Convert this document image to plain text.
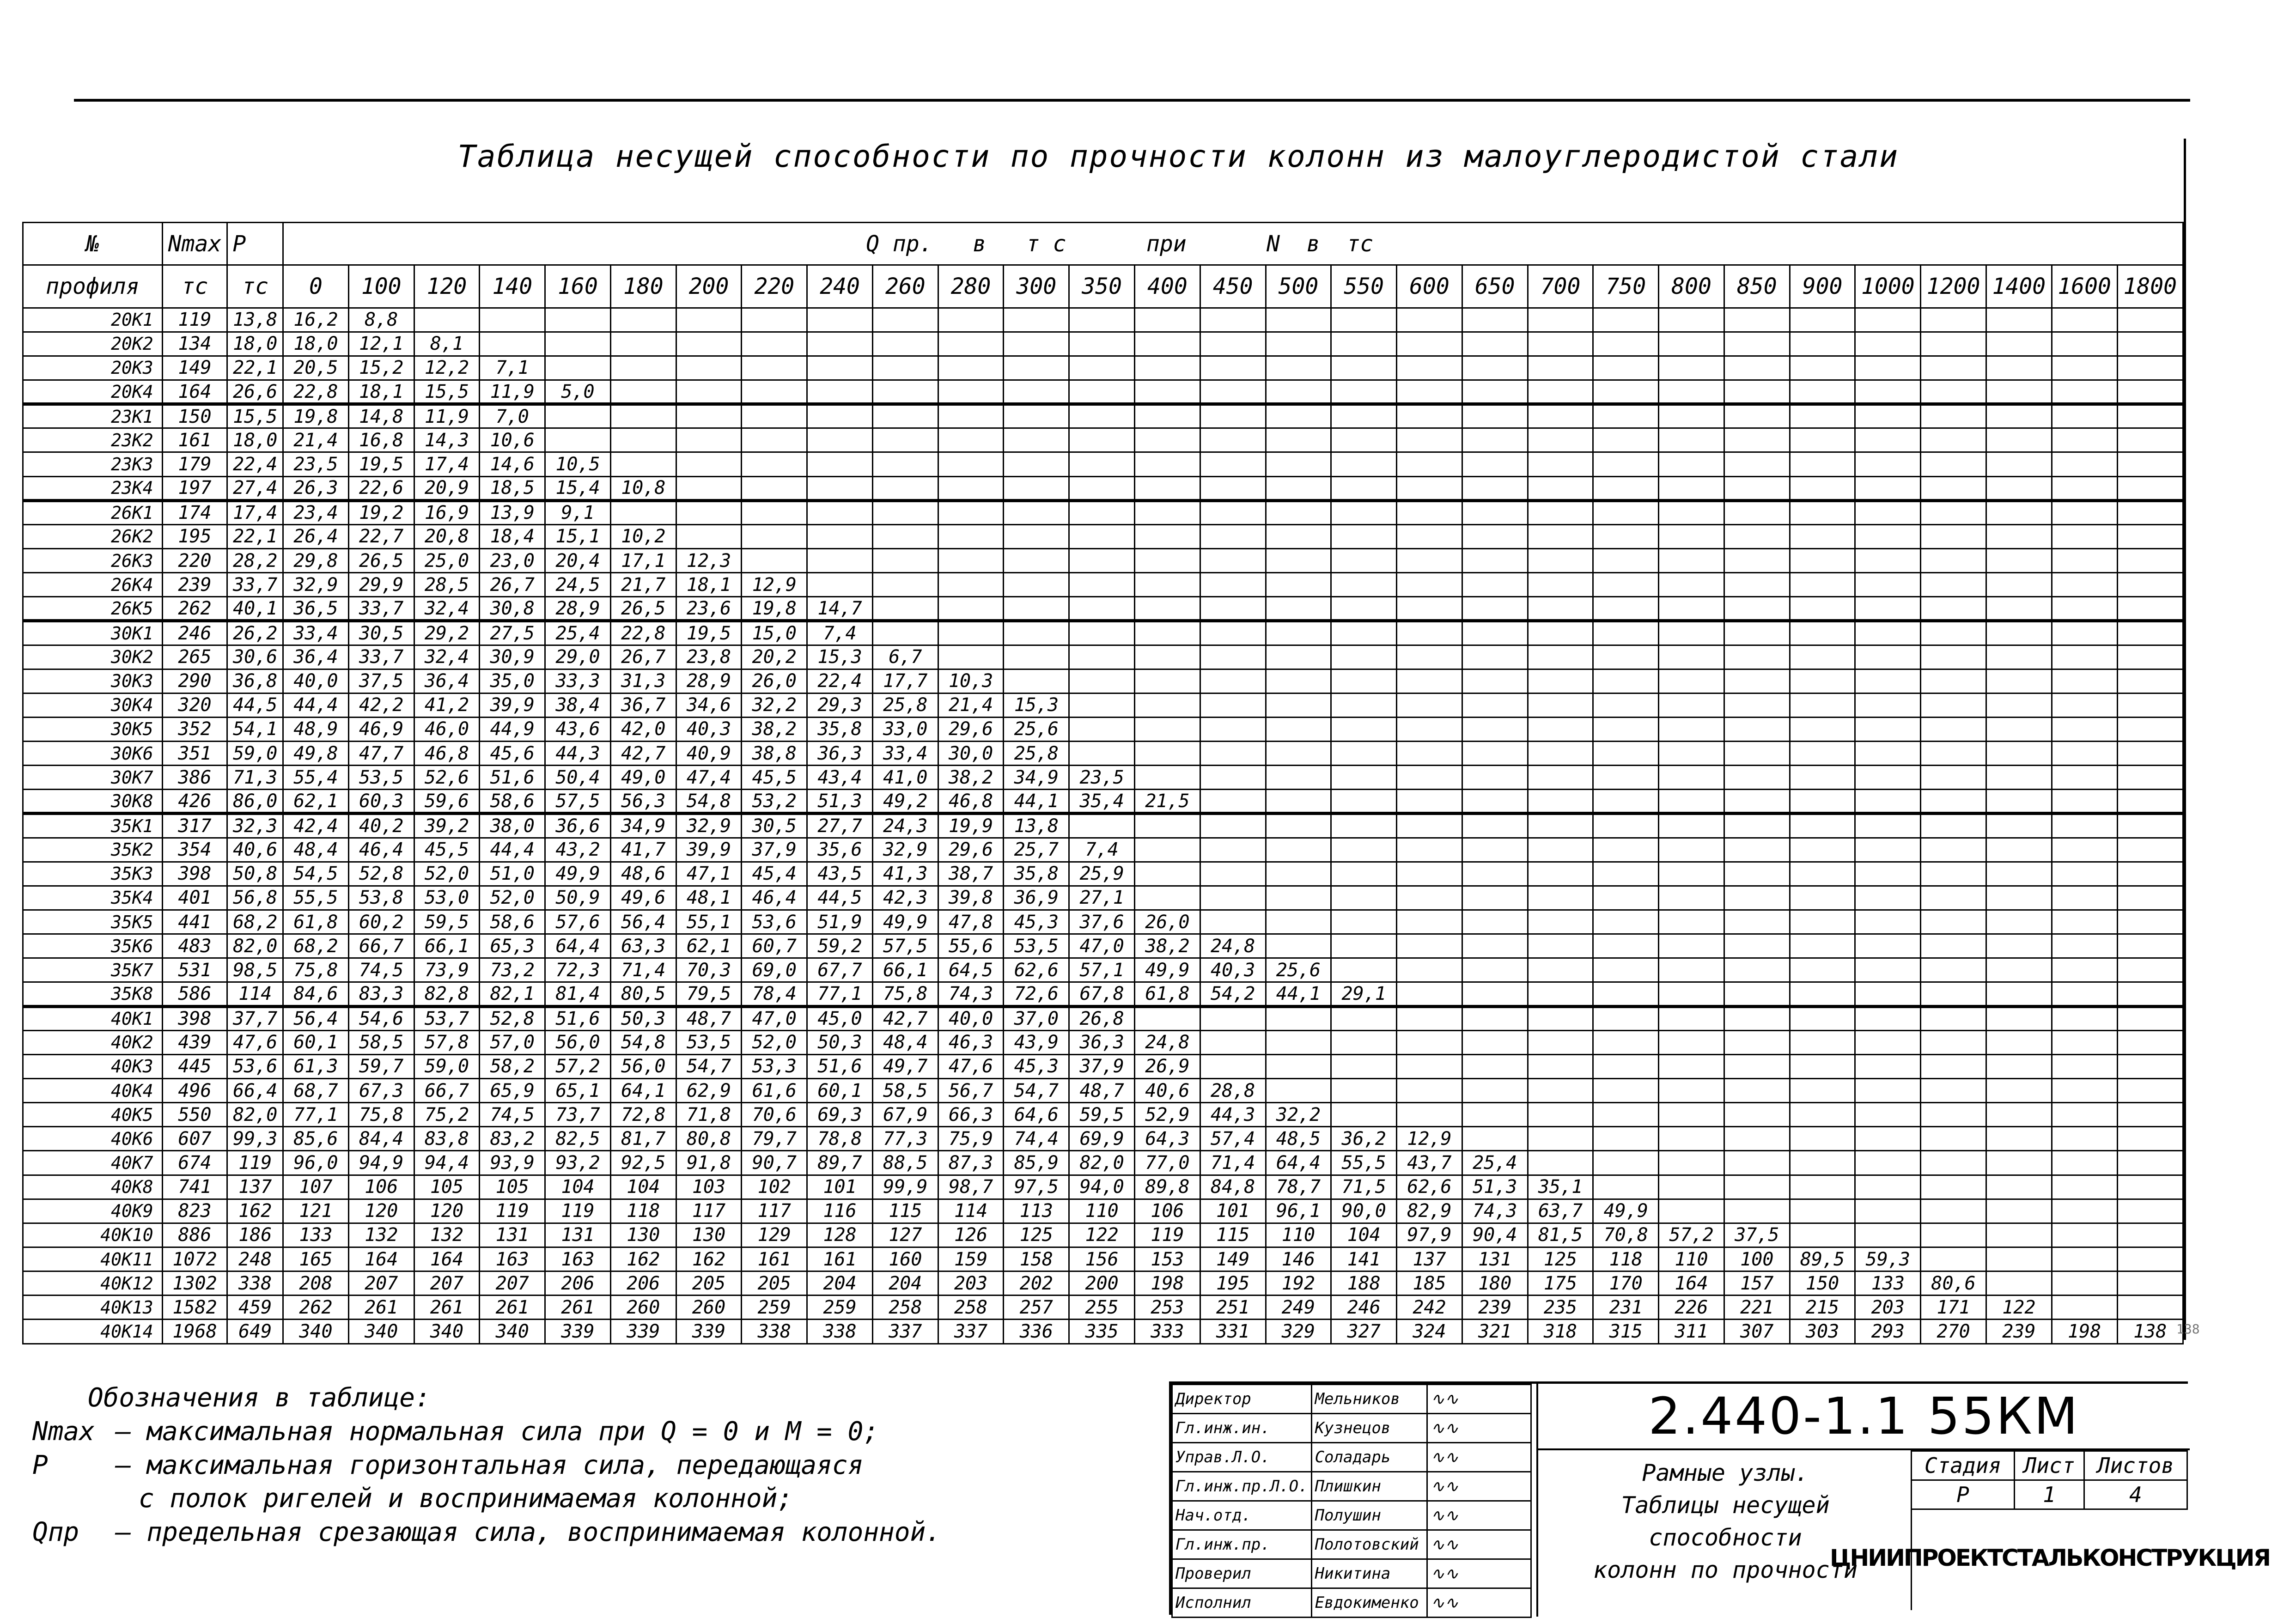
Таблица несущей способности по прочности колонн из малоуглеродистой стали
№	Nmax	P	Q пр.   в   т с      при      N  в  тс																												
профиля	тс	тс	0	100	120	140	160	180	200	220	240	260	280	300	350	400	450	500	550	600	650	700	750	800	850	900	1000	1200	1400	1600	1800
20К1	119	13,8	16,2	8,8																											
20К2	134	18,0	18,0	12,1	8,1																										
20К3	149	22,1	20,5	15,2	12,2	7,1																									
20К4	164	26,6	22,8	18,1	15,5	11,9	5,0																								
23К1	150	15,5	19,8	14,8	11,9	7,0																									
23К2	161	18,0	21,4	16,8	14,3	10,6																									
23К3	179	22,4	23,5	19,5	17,4	14,6	10,5																								
23К4	197	27,4	26,3	22,6	20,9	18,5	15,4	10,8																							
26К1	174	17,4	23,4	19,2	16,9	13,9	9,1																								
26К2	195	22,1	26,4	22,7	20,8	18,4	15,1	10,2																							
26К3	220	28,2	29,8	26,5	25,0	23,0	20,4	17,1	12,3																						
26К4	239	33,7	32,9	29,9	28,5	26,7	24,5	21,7	18,1	12,9																					
26К5	262	40,1	36,5	33,7	32,4	30,8	28,9	26,5	23,6	19,8	14,7																				
30К1	246	26,2	33,4	30,5	29,2	27,5	25,4	22,8	19,5	15,0	7,4																				
30К2	265	30,6	36,4	33,7	32,4	30,9	29,0	26,7	23,8	20,2	15,3	6,7																			
30К3	290	36,8	40,0	37,5	36,4	35,0	33,3	31,3	28,9	26,0	22,4	17,7	10,3																		
30К4	320	44,5	44,4	42,2	41,2	39,9	38,4	36,7	34,6	32,2	29,3	25,8	21,4	15,3																	
30К5	352	54,1	48,9	46,9	46,0	44,9	43,6	42,0	40,3	38,2	35,8	33,0	29,6	25,6																	
30К6	351	59,0	49,8	47,7	46,8	45,6	44,3	42,7	40,9	38,8	36,3	33,4	30,0	25,8																	
30К7	386	71,3	55,4	53,5	52,6	51,6	50,4	49,0	47,4	45,5	43,4	41,0	38,2	34,9	23,5																
30К8	426	86,0	62,1	60,3	59,6	58,6	57,5	56,3	54,8	53,2	51,3	49,2	46,8	44,1	35,4	21,5															
35К1	317	32,3	42,4	40,2	39,2	38,0	36,6	34,9	32,9	30,5	27,7	24,3	19,9	13,8																	
35К2	354	40,6	48,4	46,4	45,5	44,4	43,2	41,7	39,9	37,9	35,6	32,9	29,6	25,7	7,4																
35К3	398	50,8	54,5	52,8	52,0	51,0	49,9	48,6	47,1	45,4	43,5	41,3	38,7	35,8	25,9																
35К4	401	56,8	55,5	53,8	53,0	52,0	50,9	49,6	48,1	46,4	44,5	42,3	39,8	36,9	27,1																
35К5	441	68,2	61,8	60,2	59,5	58,6	57,6	56,4	55,1	53,6	51,9	49,9	47,8	45,3	37,6	26,0															
35К6	483	82,0	68,2	66,7	66,1	65,3	64,4	63,3	62,1	60,7	59,2	57,5	55,6	53,5	47,0	38,2	24,8														
35К7	531	98,5	75,8	74,5	73,9	73,2	72,3	71,4	70,3	69,0	67,7	66,1	64,5	62,6	57,1	49,9	40,3	25,6													
35К8	586	114	84,6	83,3	82,8	82,1	81,4	80,5	79,5	78,4	77,1	75,8	74,3	72,6	67,8	61,8	54,2	44,1	29,1												
40К1	398	37,7	56,4	54,6	53,7	52,8	51,6	50,3	48,7	47,0	45,0	42,7	40,0	37,0	26,8																
40К2	439	47,6	60,1	58,5	57,8	57,0	56,0	54,8	53,5	52,0	50,3	48,4	46,3	43,9	36,3	24,8															
40К3	445	53,6	61,3	59,7	59,0	58,2	57,2	56,0	54,7	53,3	51,6	49,7	47,6	45,3	37,9	26,9															
40К4	496	66,4	68,7	67,3	66,7	65,9	65,1	64,1	62,9	61,6	60,1	58,5	56,7	54,7	48,7	40,6	28,8														
40К5	550	82,0	77,1	75,8	75,2	74,5	73,7	72,8	71,8	70,6	69,3	67,9	66,3	64,6	59,5	52,9	44,3	32,2													
40К6	607	99,3	85,6	84,4	83,8	83,2	82,5	81,7	80,8	79,7	78,8	77,3	75,9	74,4	69,9	64,3	57,4	48,5	36,2	12,9											
40К7	674	119	96,0	94,9	94,4	93,9	93,2	92,5	91,8	90,7	89,7	88,5	87,3	85,9	82,0	77,0	71,4	64,4	55,5	43,7	25,4										
40К8	741	137	107	106	105	105	104	104	103	102	101	99,9	98,7	97,5	94,0	89,8	84,8	78,7	71,5	62,6	51,3	35,1									
40К9	823	162	121	120	120	119	119	118	117	117	116	115	114	113	110	106	101	96,1	90,0	82,9	74,3	63,7	49,9								
40К10	886	186	133	132	132	131	131	130	130	129	128	127	126	125	122	119	115	110	104	97,9	90,4	81,5	70,8	57,2	37,5						
40К11	1072	248	165	164	164	163	163	162	162	161	161	160	159	158	156	153	149	146	141	137	131	125	118	110	100	89,5	59,3				
40К12	1302	338	208	207	207	207	206	206	205	205	204	204	203	202	200	198	195	192	188	185	180	175	170	164	157	150	133	80,6			
40К13	1582	459	262	261	261	261	261	260	260	259	259	258	258	257	255	253	251	249	246	242	239	235	231	226	221	215	203	171	122		
40К14	1968	649	340	340	340	340	339	339	339	338	338	337	337	336	335	333	331	329	327	324	321	318	315	311	307	303	293	270	239	198	138
Обозначения в таблице:
Nmax – максимальная нормальная сила при Q = 0 и M = 0;
P	– максимальная горизонтальная сила, передающаяся
с полок ригелей и воспринимаемая колонной;
Qпр	– предельная срезающая сила, воспринимаемая колонной.
Директор	Мельников	∿∿
Гл.инж.ин.	Кузнецов	∿∿
Управ.Л.О.	Соладарь	∿∿
Гл.инж.пр.Л.О.	Плишкин	∿∿
Нач.отд.	Полушин	∿∿
Гл.инж.пр.	Полотовский	∿∿
Проверил	Никитина	∿∿
Исполнил	Евдокименко	∿∿
2.440-1.1 55КМ
Рамные узлы.
Таблицы несущей способности
колонн по прочности
Стадия	Лист	Листов
Р	1	4
ЦНИИПРОЕКТСТАЛЬКОНСТРУКЦИЯ
138
